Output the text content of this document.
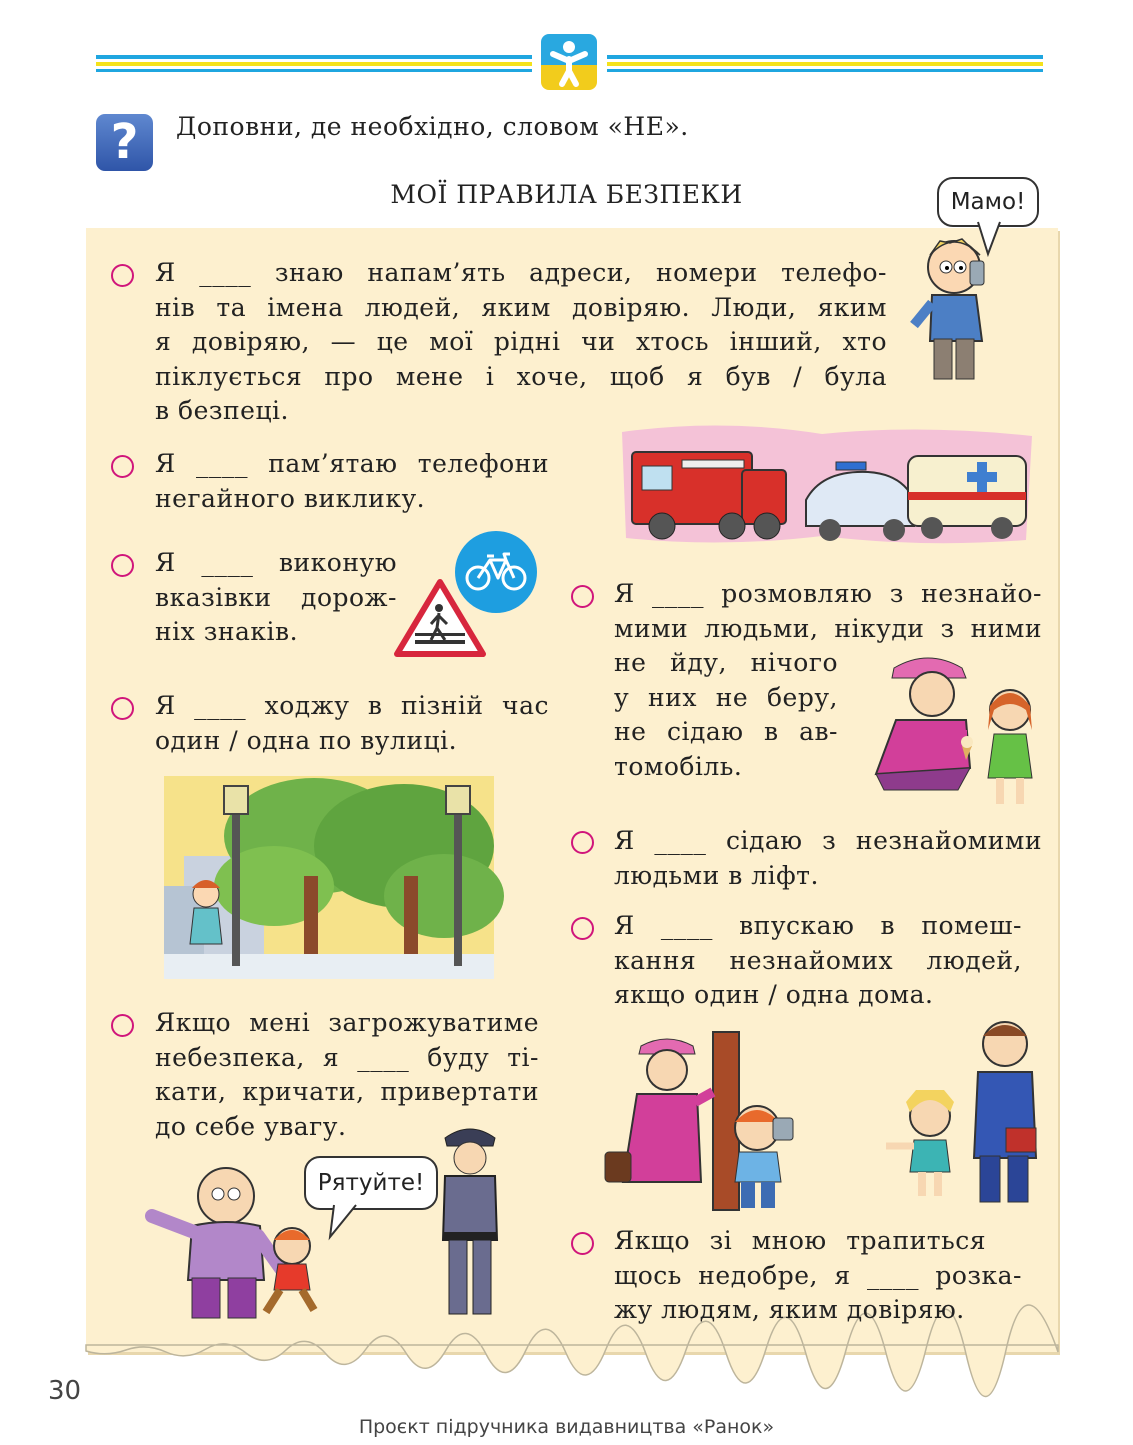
?	Доповни, де необхідно, словом «НЕ».
МОЇ ПРАВИЛА БЕЗПЕКИ	Мамо!

Я ____ знаю напам’ять адреси, номери телефо-

нів та імена людей, яким довіряю. Люди, яким

я довіряю, — це мої рідні чи хтось інший, хто

піклується про мене і хоче, щоб я був / була

в безпеці.

Я ____ пам’ятаю телефони

негайного виклику.

Я ____ виконую

вказівки дорож-

ніх знаків.

Я ____ ходжу в пізній час

один / одна по вулиці.

Якщо мені загрожуватиме

небезпека, я ____ буду ті-

кати, кричати, привертати

до себе увагу.

Рятуйте!

Я ____ розмовляю з незнайо-

мими людьми, нікуди з ними

не йду, нічого

у них не беру,

не сідаю в ав-

томобіль.

Я ____ сідаю з незнайомими

людьми в ліфт.

Я ____ впускаю в помеш-

кання незнайомих людей,

якщо один / одна дома.

Якщо зі мною трапиться

щось недобре, я ____ розка-

жу людям, яким довіряю.

30
Проєкт підручника видавництва «Ранок»
